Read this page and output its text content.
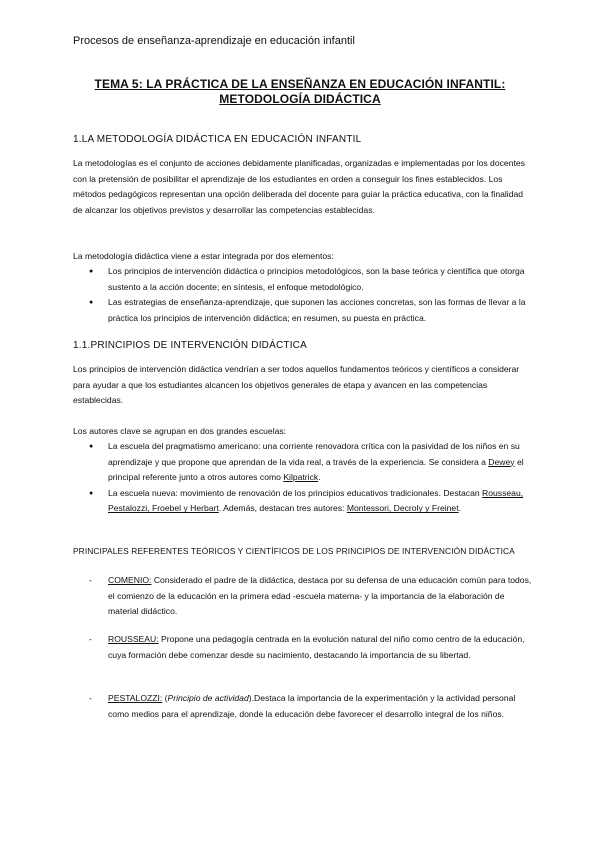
Procesos de enseñanza-aprendizaje en educación infantil
TEMA 5: LA PRÁCTICA DE LA ENSEÑANZA EN EDUCACIÓN INFANTIL:
METODOLOGÍA DIDÁCTICA
1.LA METODOLOGÍA DIDÁCTICA EN EDUCACIÓN INFANTIL

La metodologías es el conjunto de acciones debidamente planificadas, organizadas e implementadas por los docentes con la pretensión de posibilitar el aprendizaje de los estudiantes en orden a conseguir los fines establecidos. Los métodos pedagógicos representan una opción deliberada del docente para guiar la práctica educativa, con la finalidad de alcanzar los objetivos previstos y desarrollar las competencias establecidas.

La metodología didáctica viene a estar integrada por dos elementos:

● Los principios de intervención didáctica o principios metodológicos, son la base teórica y científica que otorga sustento a la acción docente; en síntesis, el enfoque metodológico.
● Las estrategias de enseñanza-aprendizaje, que suponen las acciones concretas, son las formas de llevar a la práctica los principios de intervención didáctica; en resumen, su puesta en práctica.
1.1.PRINCIPIOS DE INTERVENCIÓN DIDÁCTICA

Los principios de intervención didáctica vendrían a ser todos aquellos fundamentos teóricos y científicos a considerar para ayudar a que los estudiantes alcancen los objetivos generales de etapa y avancen en las competencias establecidas.

Los autores clave se agrupan en dos grandes escuelas:

● La escuela del pragmatismo americano: una corriente renovadora crítica con la pasividad de los niños en su aprendizaje y que propone que aprendan de la vida real, a través de la experiencia. Se considera a Dewey el principal referente junto a otros autores como Kilpatrick.
● La escuela nueva: movimiento de renovación de los principios educativos tradicionales. Destacan Rousseau, Pestalozzi, Froebel y Herbart. Además, destacan tres autores: Montessori, Decroly y Freinet.
PRINCIPALES REFERENTES TEÓRICOS Y CIENTÍFICOS DE LOS PRINCIPIOS DE INTERVENCIÓN DIDÁCTICA
- COMENIO: Considerado el padre de la didáctica, destaca por su defensa de una educación común para todos, el comienzo de la educación en la primera edad -escuela materna- y la importancia de la elaboración de material didáctico.
- ROUSSEAU: Propone una pedagogía centrada en la evolución natural del niño como centro de la educación, cuya formación debe comenzar desde su nacimiento, destacando la importancia de su libertad.
- PESTALOZZI: (Principio de actividad).Destaca la importancia de la experimentación y la actividad personal como medios para el aprendizaje, donde la educación debe favorecer el desarrollo integral de los niños.
